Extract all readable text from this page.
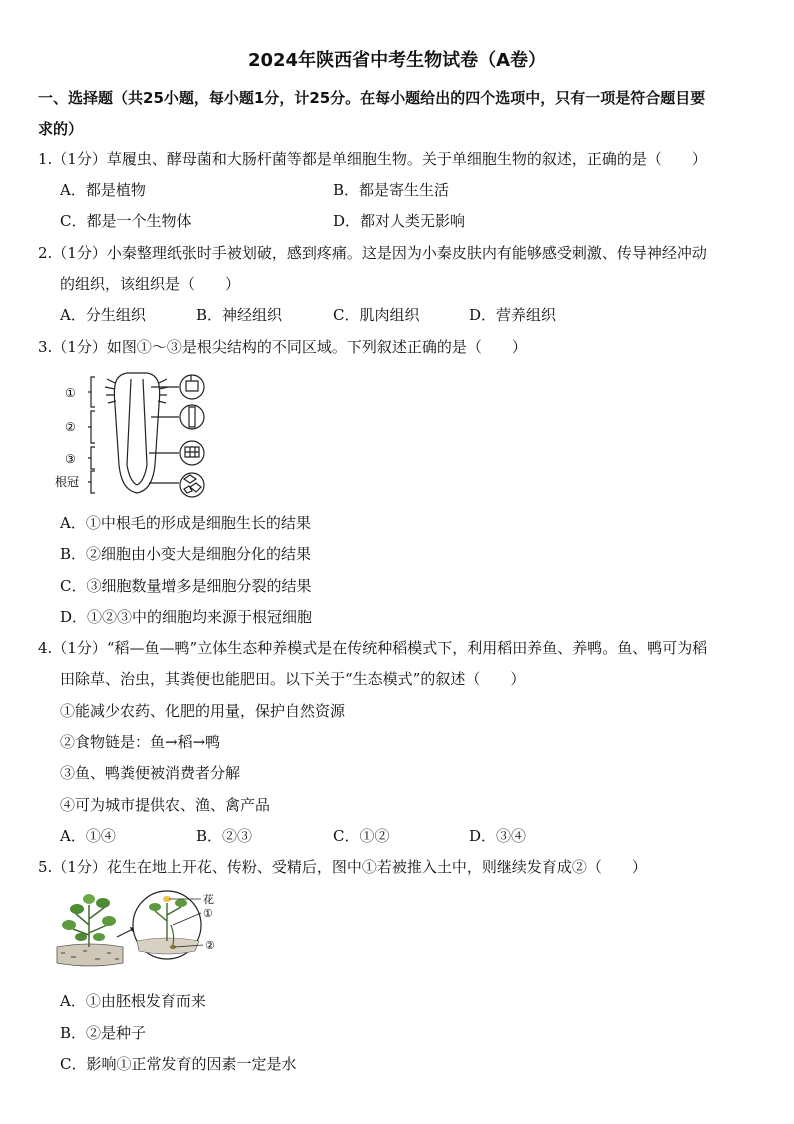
2024年陕西省中考生物试卷（A卷）
一、选择题（共25小题，每小题1分，计25分。在每小题给出的四个选项中，只有一项是符合题目要
求的）
1.（1分）草履虫、酵母菌和大肠杆菌等都是单细胞生物。关于单细胞生物的叙述，正确的是（　　）
A．都是植物	B．都是寄生生活
C．都是一个生物体	D．都对人类无影响
2.（1分）小秦整理纸张时手被划破，感到疼痛。这是因为小秦皮肤内有能够感受刺激、传导神经冲动
的组织，该组织是（　　）
A．分生组织	B．神经组织	C．肌肉组织	D．营养组织
3.（1分）如图①～③是根尖结构的不同区域。下列叙述正确的是（　　）
①
②
③
根冠
A．①中根毛的形成是细胞生长的结果
B．②细胞由小变大是细胞分化的结果
C．③细胞数量增多是细胞分裂的结果
D．①②③中的细胞均来源于根冠细胞
4.（1分）“稻—鱼—鸭”立体生态种养模式是在传统种稻模式下，利用稻田养鱼、养鸭。鱼、鸭可为稻
田除草、治虫，其粪便也能肥田。以下关于“生态模式”的叙述（　　）
①能减少农药、化肥的用量，保护自然资源
②食物链是：鱼→稻→鸭
③鱼、鸭粪便被消费者分解
④可为城市提供农、渔、禽产品
A．①④	B．②③	C．①②	D．③④
5.（1分）花生在地上开花、传粉、受精后，图中①若被推入土中，则继续发育成②（　　）
花
①
②
A．①由胚根发育而来
B．②是种子
C．影响①正常发育的因素一定是水
